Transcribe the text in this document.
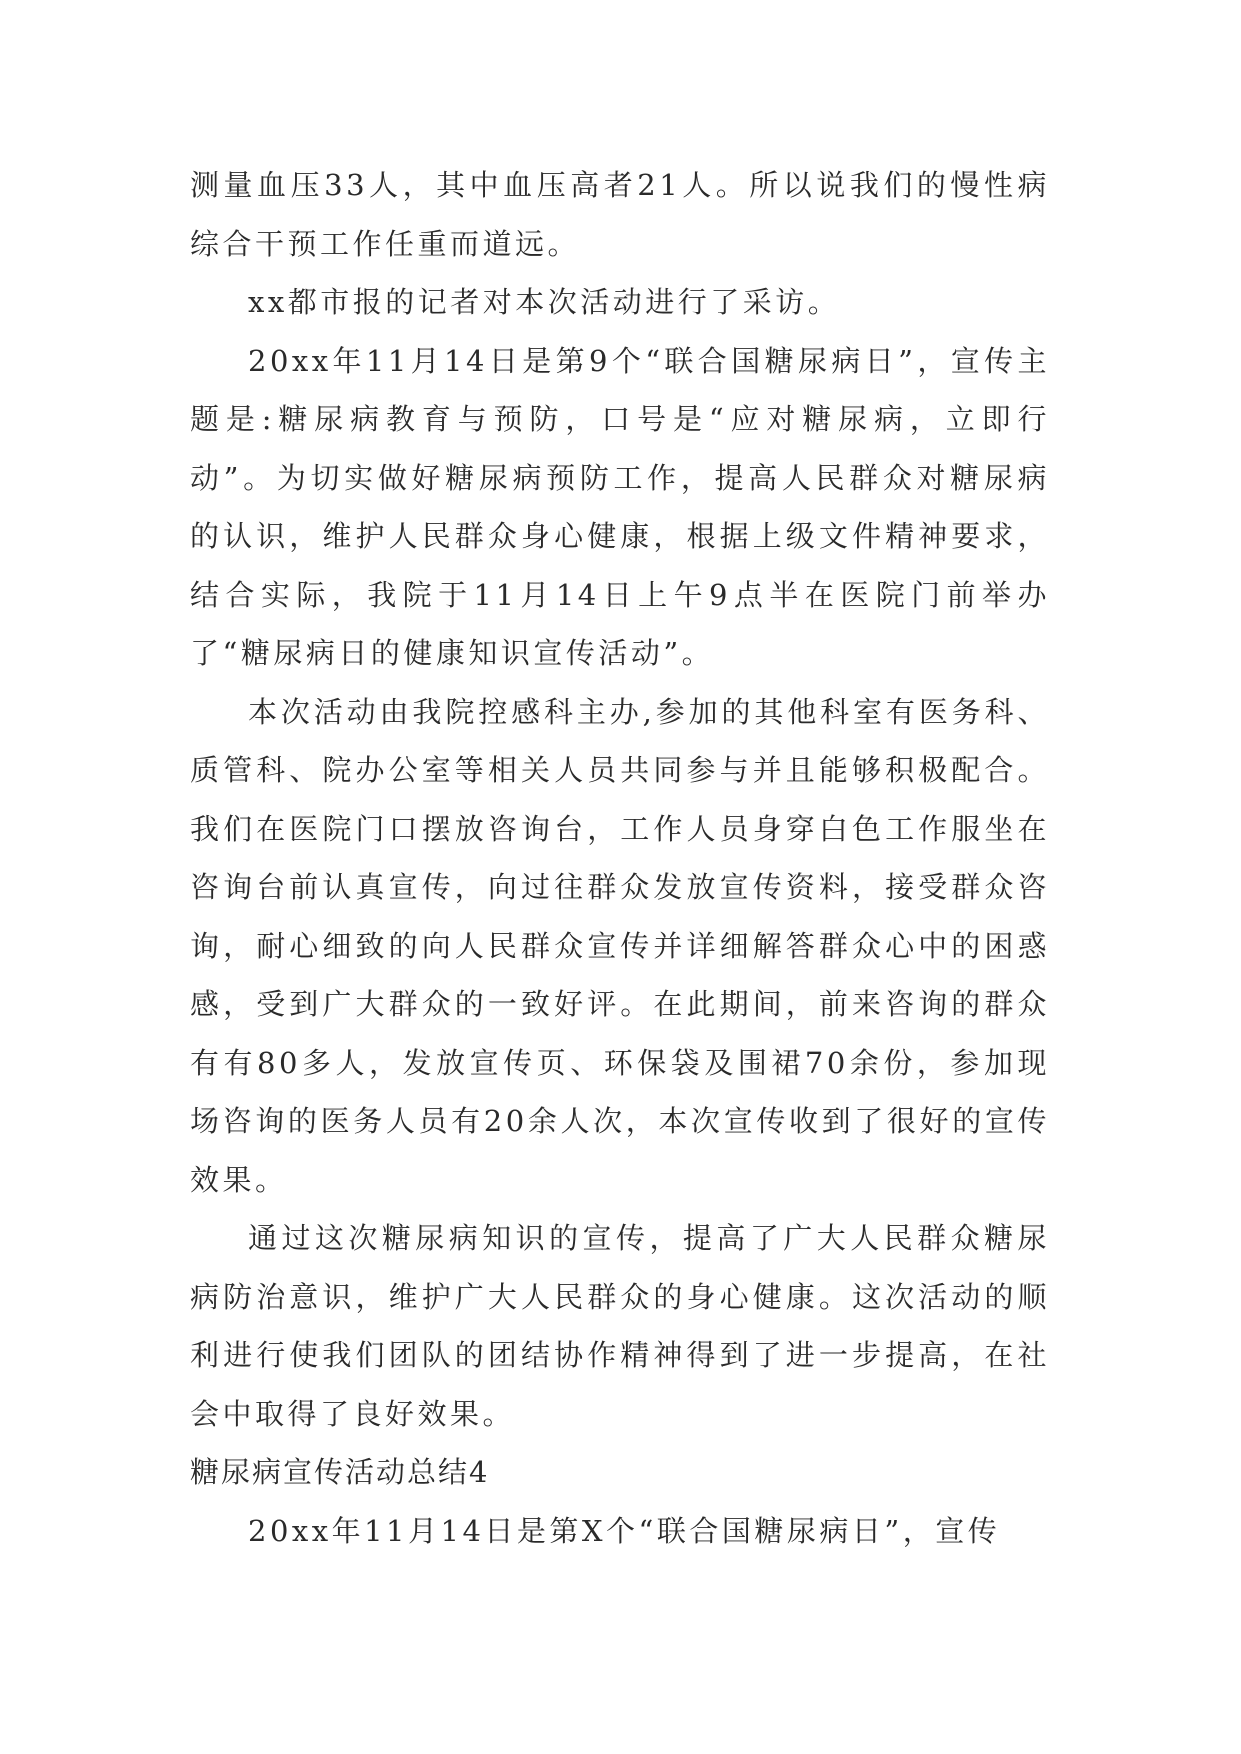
测量血压33人，其中血压高者21人。所以说我们的慢性病综合干预工作任重而道远。

xx都市报的记者对本次活动进行了采访。

20xx年11月14日是第9个“联合国糖尿病日”，宣传主题是:糖尿病教育与预防，口号是“应对糖尿病，立即行动”。为切实做好糖尿病预防工作，提高人民群众对糖尿病的认识，维护人民群众身心健康，根据上级文件精神要求，结合实际，我院于11月14日上午9点半在医院门前举办了“糖尿病日的健康知识宣传活动”。

本次活动由我院控感科主办,参加的其他科室有医务科、质管科、院办公室等相关人员共同参与并且能够积极配合。我们在医院门口摆放咨询台，工作人员身穿白色工作服坐在咨询台前认真宣传，向过往群众发放宣传资料，接受群众咨询，耐心细致的向人民群众宣传并详细解答群众心中的困惑感，受到广大群众的一致好评。在此期间，前来咨询的群众有有80多人，发放宣传页、环保袋及围裙70余份，参加现场咨询的医务人员有20余人次，本次宣传收到了很好的宣传效果。

通过这次糖尿病知识的宣传，提高了广大人民群众糖尿病防治意识，维护广大人民群众的身心健康。这次活动的顺利进行使我们团队的团结协作精神得到了进一步提高，在社会中取得了良好效果。

糖尿病宣传活动总结4

20xx年11月14日是第X个“联合国糖尿病日”，宣传
